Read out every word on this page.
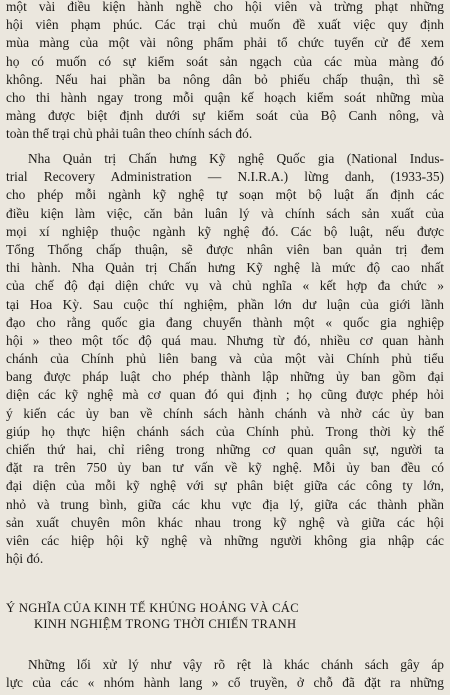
một vài điều kiện hành nghề cho hội viên và trừng phạt những
hội viên phạm phúc. Các trại chủ muốn đề xuất việc quy định
mùa màng của một vài nông phẩm phải tổ chức tuyển cử để xem
họ có muốn có sự kiểm soát sản ngạch của các mùa màng đó
không. Nếu hai phần ba nông dân bỏ phiếu chấp thuận, thì sẽ
cho thi hành ngay trong mỗi quận kế hoạch kiểm soát những mùa
màng được biệt định dưới sự kiểm soát của Bộ Canh nông, và
toàn thể trại chủ phải tuân theo chính sách đó.
Nha Quản trị Chấn hưng Kỹ nghệ Quốc gia (National Indus-
trial Recovery Administration — N.I.R.A.) lừng danh, (1933-35)
cho phép mỗi ngành kỹ nghệ tự soạn một bộ luật ấn định các
điều kiện làm việc, căn bản luân lý và chính sách sản xuất của
mọi xí nghiệp thuộc ngành kỹ nghệ đó. Các bộ luật, nếu được
Tổng Thống chấp thuận, sẽ được nhân viên ban quản trị đem
thi hành. Nha Quản trị Chấn hưng Kỹ nghệ là mức độ cao nhất
của chế độ đại diện chức vụ và chủ nghĩa « kết hợp đa chức »
tại Hoa Kỳ. Sau cuộc thí nghiệm, phần lớn dư luận của giới lãnh
đạo cho rằng quốc gia đang chuyển thành một « quốc gia nghiệp
hội » theo một tốc độ quá mau. Nhưng từ đó, nhiều cơ quan hành
chánh của Chính phủ liên bang và của một vài Chính phủ tiểu
bang được pháp luật cho phép thành lập những ủy ban gồm đại
diện các kỹ nghệ mà cơ quan đó qui định ; họ cũng được phép hỏi
ý kiến các ủy ban về chính sách hành chánh và nhờ các ủy ban
giúp họ thực hiện chánh sách của Chính phủ. Trong thời kỳ thế
chiến thứ hai, chỉ riêng trong những cơ quan quân sự, người ta
đặt ra trên 750 ủy ban tư vấn về kỹ nghệ. Mỗi ủy ban đều có
đại diện của mỗi kỹ nghệ với sự phân biệt giữa các công ty lớn,
nhỏ và trung bình, giữa các khu vực địa lý, giữa các thành phần
sản xuất chuyên môn khác nhau trong kỹ nghệ và giữa các hội
viên các hiệp hội kỹ nghệ và những người không gia nhập các
hội đó.
Ý NGHĨA CỦA KINH TẾ KHỦNG HOẢNG VÀ CÁC
KINH NGHIỆM TRONG THỜI CHIẾN TRANH
Những lối xử lý như vậy rõ rệt là khác chánh sách gây áp
lực của các « nhóm hành lang » cổ truyền, ở chỗ đã đặt ra những
